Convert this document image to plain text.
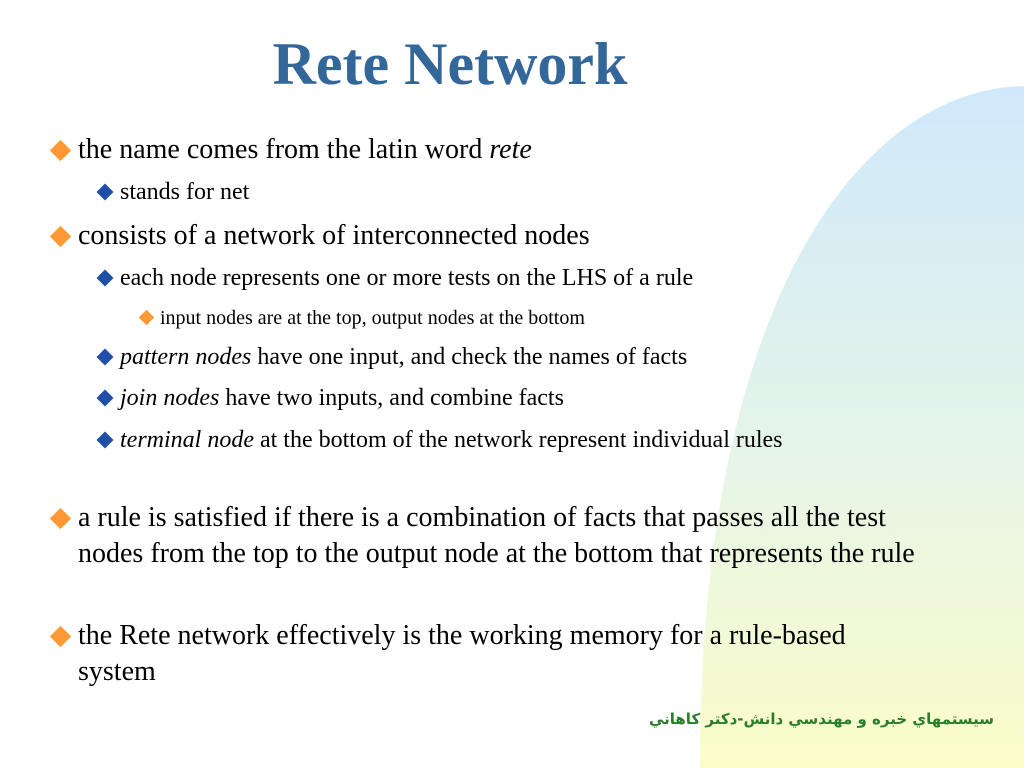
Rete Network
the name comes from the latin word rete
stands for net
consists of a network of interconnected nodes
each node represents one or more tests on the LHS of a rule
input nodes are at the top, output nodes at the bottom
pattern nodes have one input, and check the names of facts
join nodes have two inputs, and combine facts
terminal node at the bottom of the network represent individual rules
a rule is satisfied if there is a combination of facts that passes all the test nodes from the top to the output node at the bottom that represents the rule
the Rete network effectively is the working memory for a rule-based system
سيستمهاي خبره و مهندسي دانش-دكتر كاهاني
